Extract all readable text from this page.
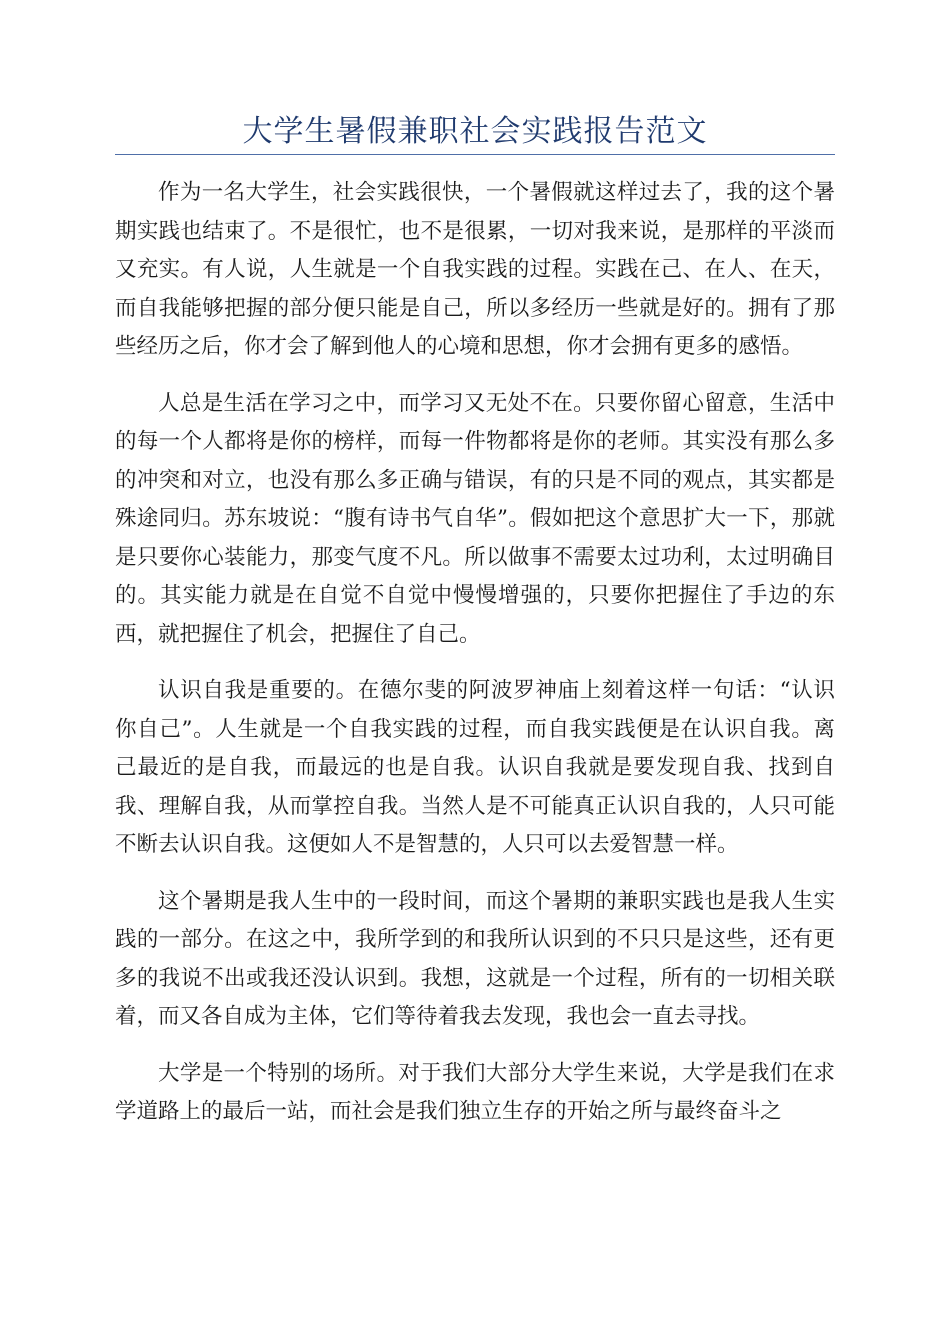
大学生暑假兼职社会实践报告范文

作为一名大学生，社会实践很快，一个暑假就这样过去了，我的这个暑期实践也结束了。不是很忙，也不是很累，一切对我来说，是那样的平淡而又充实。有人说，人生就是一个自我实践的过程。实践在己、在人、在天，而自我能够把握的部分便只能是自己，所以多经历一些就是好的。拥有了那些经历之后，你才会了解到他人的心境和思想，你才会拥有更多的感悟。

人总是生活在学习之中，而学习又无处不在。只要你留心留意，生活中的每一个人都将是你的榜样，而每一件物都将是你的老师。其实没有那么多的冲突和对立，也没有那么多正确与错误，有的只是不同的观点，其实都是殊途同归。苏东坡说：“腹有诗书气自华”。假如把这个意思扩大一下，那就是只要你心装能力，那变气度不凡。所以做事不需要太过功利，太过明确目的。其实能力就是在自觉不自觉中慢慢增强的，只要你把握住了手边的东西，就把握住了机会，把握住了自己。

认识自我是重要的。在德尔斐的阿波罗神庙上刻着这样一句话：“认识你自己”。人生就是一个自我实践的过程，而自我实践便是在认识自我。离己最近的是自我，而最远的也是自我。认识自我就是要发现自我、找到自我、理解自我，从而掌控自我。当然人是不可能真正认识自我的，人只可能不断去认识自我。这便如人不是智慧的，人只可以去爱智慧一样。

这个暑期是我人生中的一段时间，而这个暑期的兼职实践也是我人生实践的一部分。在这之中，我所学到的和我所认识到的不只只是这些，还有更多的我说不出或我还没认识到。我想，这就是一个过程，所有的一切相关联着，而又各自成为主体，它们等待着我去发现，我也会一直去寻找。

大学是一个特别的场所。对于我们大部分大学生来说，大学是我们在求学道路上的最后一站，而社会是我们独立生存的开始之所与最终奋斗之
